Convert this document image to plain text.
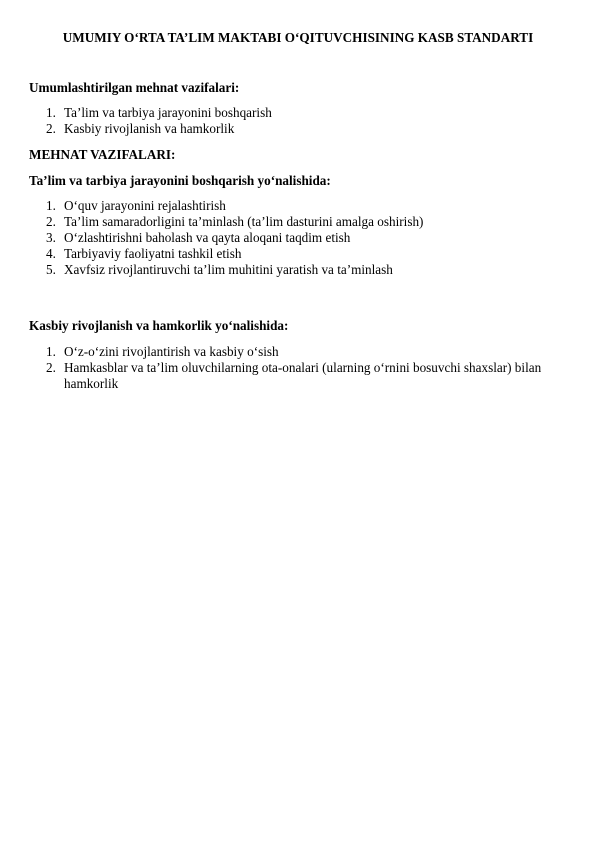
UMUMIY O‘RTA TA’LIM MAKTABI O‘QITUVCHISINING KASB STANDARTI
Umumlashtirilgan mehnat vazifalari:
1. Ta’lim va tarbiya jarayonini boshqarish
2. Kasbiy rivojlanish va hamkorlik
MEHNAT VAZIFALARI:
Ta’lim va tarbiya jarayonini boshqarish yo‘nalishida:
1. O‘quv jarayonini rejalashtirish
2. Ta’lim samaradorligini ta’minlash (ta’lim dasturini amalga oshirish)
3. O‘zlashtirishni baholash va qayta aloqani taqdim etish
4. Tarbiyaviy faoliyatni tashkil etish
5. Xavfsiz rivojlantiruvchi ta’lim muhitini yaratish va ta’minlash
Kasbiy rivojlanish va hamkorlik yo‘nalishida:
1. O‘z-o‘zini rivojlantirish va kasbiy o‘sish
2. Hamkasblar va ta’lim oluvchilarning ota-onalari (ularning o‘rnini bosuvchi shaxslar) bilan hamkorlik
